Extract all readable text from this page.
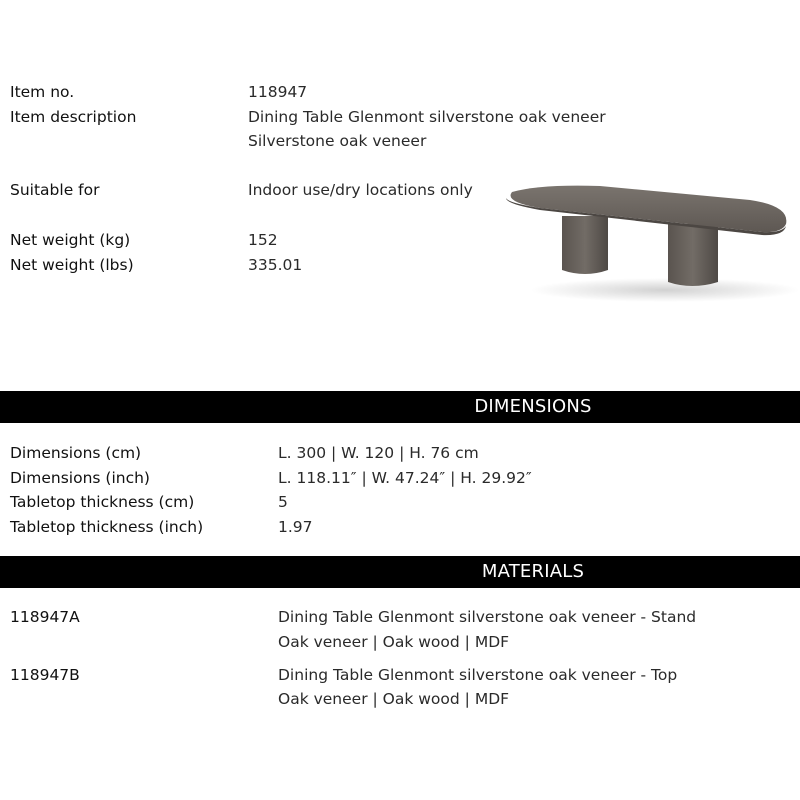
Item no.	118947
Item description	Dining Table Glenmont silverstone oak veneer
Silverstone oak veneer
Suitable for	Indoor use/dry locations only
Net weight (kg)	152
Net weight (lbs)	335.01
DIMENSIONS
Dimensions (cm)	L. 300 | W. 120 | H. 76 cm
Dimensions (inch)	L. 118.11″ | W. 47.24″ | H. 29.92″
Tabletop thickness (cm)	5
Tabletop thickness (inch)	1.97
MATERIALS
118947A	Dining Table Glenmont silverstone oak veneer - Stand
Oak veneer | Oak wood | MDF
118947B	Dining Table Glenmont silverstone oak veneer - Top
Oak veneer | Oak wood | MDF
